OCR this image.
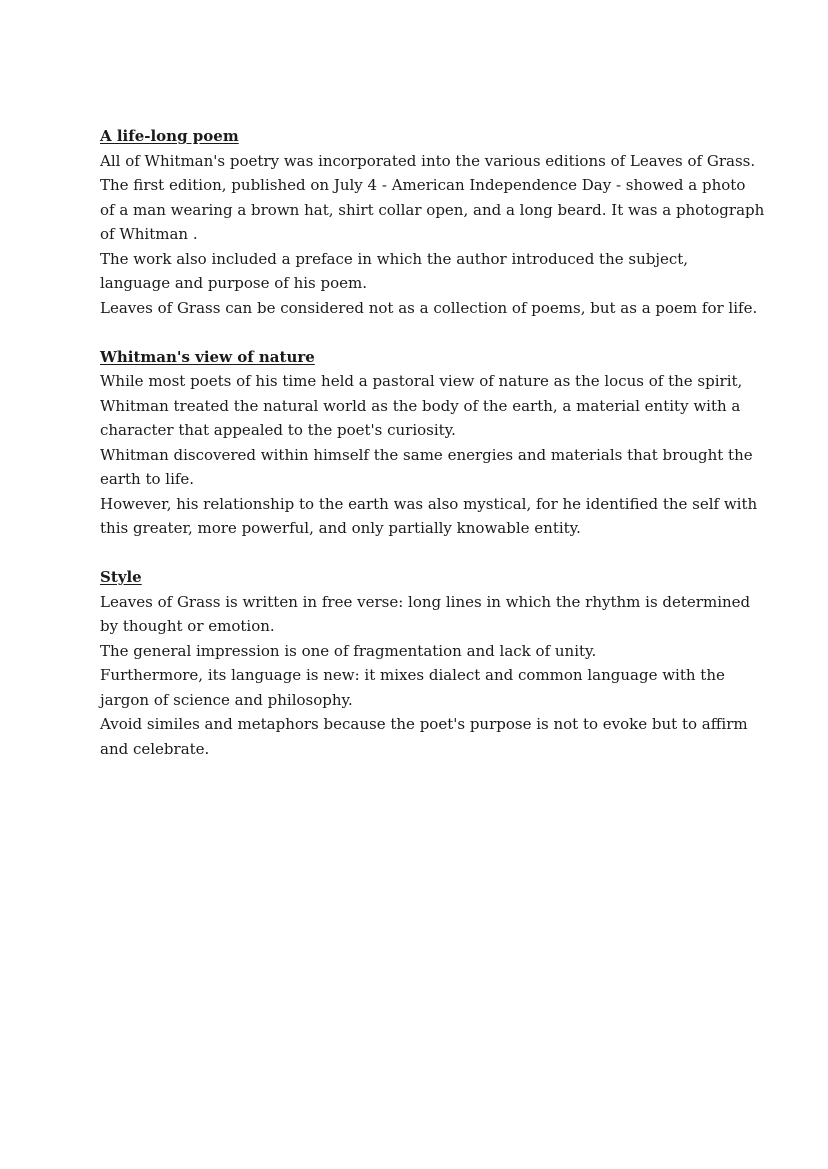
A life-long poem
All of Whitman's poetry was incorporated into the various editions of Leaves of Grass.
The first edition, published on July 4 - American Independence Day - showed a photo
of a man wearing a brown hat, shirt collar open, and a long beard. It was a photograph
of Whitman .
The work also included a preface in which the author introduced the subject,
language and purpose of his poem.
Leaves of Grass can be considered not as a collection of poems, but as a poem for life.
Whitman's view of nature
While most poets of his time held a pastoral view of nature as the locus of the spirit,
Whitman treated the natural world as the body of the earth, a material entity with a
character that appealed to the poet's curiosity.
Whitman discovered within himself the same energies and materials that brought the
earth to life.
However, his relationship to the earth was also mystical, for he identified the self with
this greater, more powerful, and only partially knowable entity.
Style
Leaves of Grass is written in free verse: long lines in which the rhythm is determined
by thought or emotion.
The general impression is one of fragmentation and lack of unity.
Furthermore, its language is new: it mixes dialect and common language with the
jargon of science and philosophy.
Avoid similes and metaphors because the poet's purpose is not to evoke but to affirm
and celebrate.
